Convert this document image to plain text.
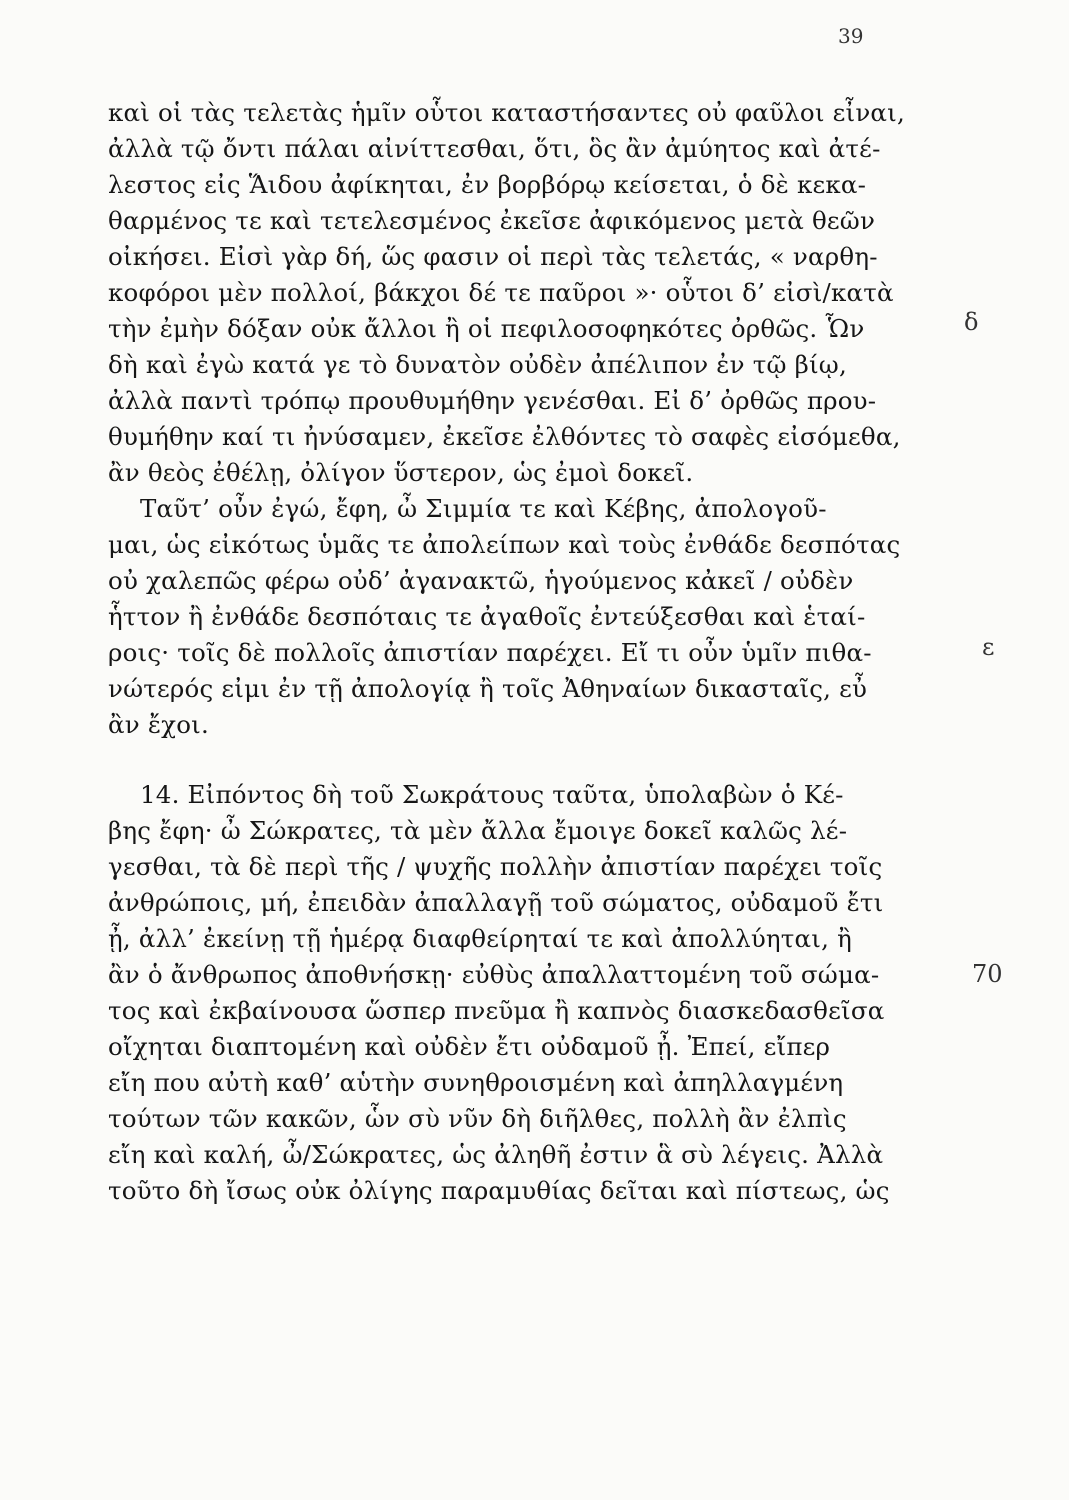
39
καὶ οἱ τὰς τελετὰς ἡμῖν οὗτοι καταστήσαντες οὐ φαῦλοι εἶναι,
ἀλλὰ τῷ ὄντι πάλαι αἰνίττεσθαι, ὅτι, ὃς ἂν ἀμύητος καὶ ἀτέ-
λεστος εἰς Ἅιδου ἀφίκηται, ἐν βορβόρῳ κείσεται, ὁ δὲ κεκα-
θαρμένος τε καὶ τετελεσμένος ἐκεῖσε ἀφικόμενος μετὰ θεῶν
οἰκήσει. Εἰσὶ γὰρ δή, ὥς φασιν οἱ περὶ τὰς τελετάς, « ναρθη-
κοφόροι μὲν πολλοί, βάκχοι δέ τε παῦροι »· οὗτοι δ’ εἰσὶ/κατὰ
τὴν ἐμὴν δόξαν οὐκ ἄλλοι ἢ οἱ πεφιλοσοφηκότες ὀρθῶς. Ὧν
δὴ καὶ ἐγὼ κατά γε τὸ δυνατὸν οὐδὲν ἀπέλιπον ἐν τῷ βίῳ,
ἀλλὰ παντὶ τρόπῳ προυθυμήθην γενέσθαι. Εἰ δ’ ὀρθῶς πρου-
θυμήθην καί τι ἠνύσαμεν, ἐκεῖσε ἐλθόντες τὸ σαφὲς εἰσόμεθα,
ἂν θεὸς ἐθέλῃ, ὀλίγον ὕστερον, ὡς ἐμοὶ δοκεῖ.
Ταῦτ’ οὖν ἐγώ, ἔφη, ὦ Σιμμία τε καὶ Κέβης, ἀπολογοῦ-
μαι, ὡς εἰκότως ὑμᾶς τε ἀπολείπων καὶ τοὺς ἐνθάδε δεσπότας
οὐ χαλεπῶς φέρω οὐδ’ ἀγανακτῶ, ἡγούμενος κἀκεῖ / οὐδὲν
ἧττον ἢ ἐνθάδε δεσπόταις τε ἀγαθοῖς ἐντεύξεσθαι καὶ ἑταί-
ροις· τοῖς δὲ πολλοῖς ἀπιστίαν παρέχει. Εἴ τι οὖν ὑμῖν πιθα-
νώτερός εἰμι ἐν τῇ ἀπολογίᾳ ἢ τοῖς Ἀθηναίων δικασταῖς, εὖ
ἂν ἔχοι.
14. Εἰπόντος δὴ τοῦ Σωκράτους ταῦτα, ὑπολαβὼν ὁ Κέ-
βης ἔφη· ὦ Σώκρατες, τὰ μὲν ἄλλα ἔμοιγε δοκεῖ καλῶς λέ-
γεσθαι, τὰ δὲ περὶ τῆς / ψυχῆς πολλὴν ἀπιστίαν παρέχει τοῖς
ἀνθρώποις, μή, ἐπειδὰν ἀπαλλαγῇ τοῦ σώματος, οὐδαμοῦ ἔτι
ᾖ, ἀλλ’ ἐκείνῃ τῇ ἡμέρᾳ διαφθείρηταί τε καὶ ἀπολλύηται, ἢ
ἂν ὁ ἄνθρωπος ἀποθνήσκῃ· εὐθὺς ἀπαλλαττομένη τοῦ σώμα-
τος καὶ ἐκβαίνουσα ὥσπερ πνεῦμα ἢ καπνὸς διασκεδασθεῖσα
οἴχηται διαπτομένη καὶ οὐδὲν ἔτι οὐδαμοῦ ᾖ. Ἐπεί, εἴπερ
εἴη που αὐτὴ καθ’ αὑτὴν συνηθροισμένη καὶ ἀπηλλαγμένη
τούτων τῶν κακῶν, ὧν σὺ νῦν δὴ διῆλθες, πολλὴ ἂν ἐλπὶς
εἴη καὶ καλή, ὦ/Σώκρατες, ὡς ἀληθῆ ἐστιν ἃ σὺ λέγεις. Ἀλλὰ
τοῦτο δὴ ἴσως οὐκ ὀλίγης παραμυθίας δεῖται καὶ πίστεως, ὡς
δ
ε
70
